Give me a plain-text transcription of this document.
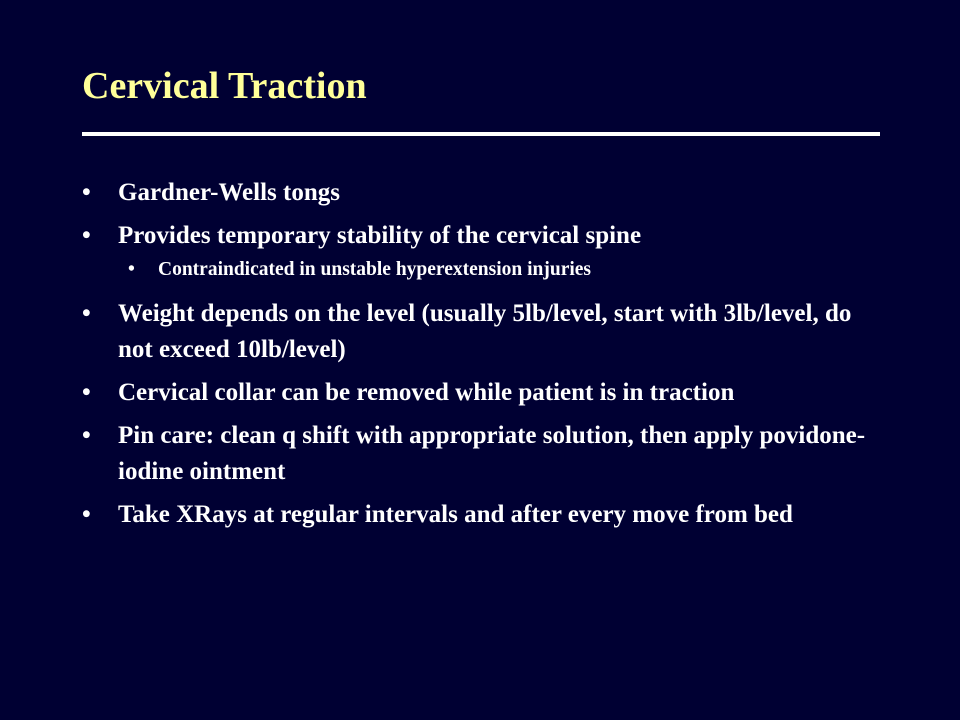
Cervical Traction
• Gardner-Wells tongs
• Provides temporary stability of the cervical spine
• Contraindicated in unstable hyperextension injuries
• Weight depends on the level (usually 5lb/level, start with 3lb/level, do not exceed 10lb/level)
• Cervical collar can be removed while patient is in traction
• Pin care: clean q shift with appropriate solution, then apply povidone-iodine ointment
• Take XRays at regular intervals and after every move from bed
